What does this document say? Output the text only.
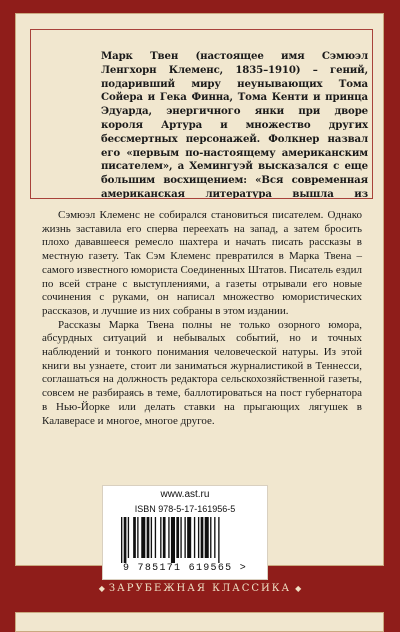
Марк Твен (настоящее имя Сэмюэл Ленгхорн Клеменс, 1835–1910) – гений, подаривший миру неунывающих Тома Сойера и Гека Финна, Тома Кенти и принца Эдуарда, энергичного янки при дворе короля Артура и множество других бессмертных персонажей. Фолкнер назвал его «первым по-настоящему американским писателем», а Хемингуэй высказался с еще большим восхищением: «Вся современная американская литература вышла из

Сэмюэл Клеменс не собирался становиться писателем. Однако жизнь заставила его сперва переехать на запад, а затем бросить плохо дававшееся ремесло шахтера и начать писать рассказы в местную газету. Так Сэм Клеменс превратился в Марка Твена – самого известного юмориста Соединенных Штатов. Писатель ездил по всей стране с выступлениями, а газеты отрывали его новые сочинения с руками, он написал множество юмористических рассказов, и лучшие из них собраны в этом издании.

Рассказы Марка Твена полны не только озорного юмора, абсурдных ситуаций и небывалых событий, но и точных наблюдений и тонкого понимания человеческой натуры. Из этой книги вы узнаете, стоит ли заниматься журналистикой в Теннесси, соглашаться на должность редактора сельскохозяйственной газеты, совсем не разбираясь в теме, баллотироваться на пост губернатора в Нью-Йорке или делать ставки на прыгающих лягушек в Калаверасе и многое, многое другое.

www.ast.ru
ISBN 978-5-17-161956-5
9 785171 619565 >
◆ ЗАРУБЕЖНАЯ КЛАССИКА ◆
